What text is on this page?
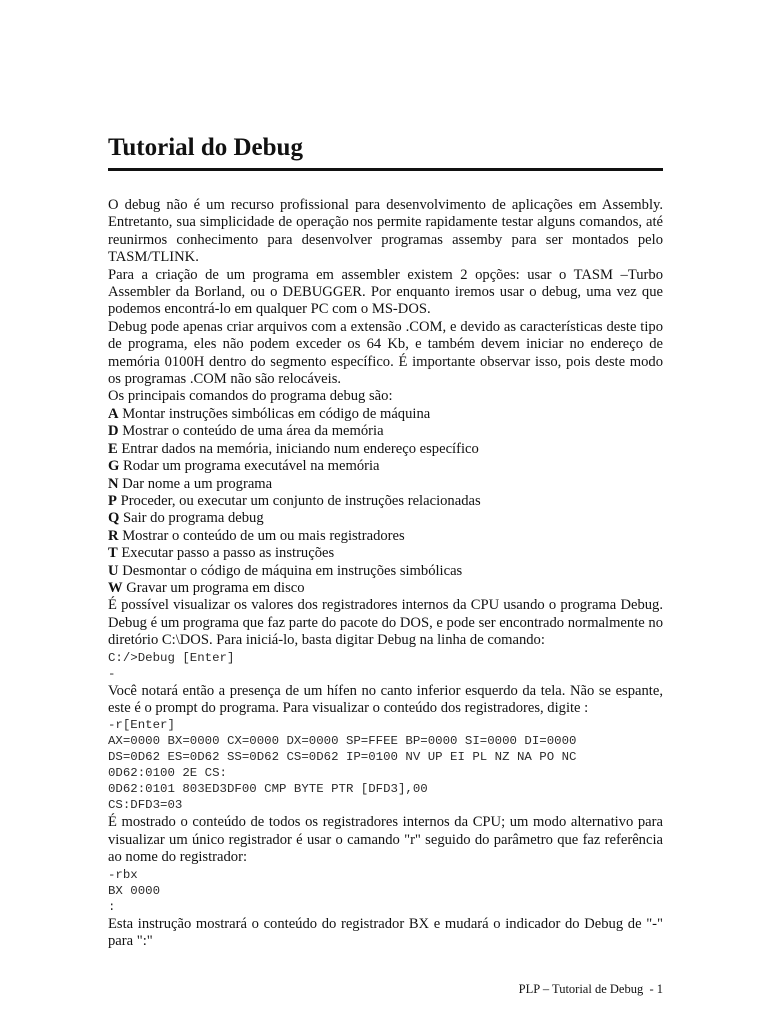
Tutorial do Debug

O debug não é um recurso profissional para desenvolvimento de aplicações em Assembly. Entretanto, sua simplicidade de operação nos permite rapidamente testar alguns comandos, até reunirmos conhecimento para desenvolver programas assemby para ser montados pelo TASM/TLINK.

Para a criação de um programa em assembler existem 2 opções: usar o TASM –Turbo Assembler da Borland, ou o DEBUGGER. Por enquanto iremos usar o debug, uma vez que podemos encontrá-lo em qualquer PC com o MS-DOS.

Debug pode apenas criar arquivos com a extensão .COM, e devido as características deste tipo de programa, eles não podem exceder os 64 Kb, e também devem iniciar no endereço de memória 0100H dentro do segmento específico. É importante observar isso, pois deste modo os programas .COM não são relocáveis.

Os principais comandos do programa debug são:

A Montar instruções simbólicas em código de máquina
D Mostrar o conteúdo de uma área da memória
E Entrar dados na memória, iniciando num endereço específico
G Rodar um programa executável na memória
N Dar nome a um programa
P Proceder, ou executar um conjunto de instruções relacionadas
Q Sair do programa debug
R Mostrar o conteúdo de um ou mais registradores
T Executar passo a passo as instruções
U Desmontar o código de máquina em instruções simbólicas
W Gravar um programa em disco

É possível visualizar os valores dos registradores internos da CPU usando o programa Debug. Debug é um programa que faz parte do pacote do DOS, e pode ser encontrado normalmente no diretório C:\DOS. Para iniciá-lo, basta digitar Debug na linha de comando:

C:/>Debug [Enter]
-

Você notará então a presença de um hífen no canto inferior esquerdo da tela. Não se espante, este é o prompt do programa. Para visualizar o conteúdo dos registradores, digite :

-r[Enter]
AX=0000 BX=0000 CX=0000 DX=0000 SP=FFEE BP=0000 SI=0000 DI=0000
DS=0D62 ES=0D62 SS=0D62 CS=0D62 IP=0100 NV UP EI PL NZ NA PO NC
0D62:0100 2E CS:
0D62:0101 803ED3DF00 CMP BYTE PTR [DFD3],00
CS:DFD3=03

É mostrado o conteúdo de todos os registradores internos da CPU; um modo alternativo para visualizar um único registrador é usar o camando "r" seguido do parâmetro que faz referência ao nome do registrador:

-rbx
BX 0000
:

Esta instrução mostrará o conteúdo do registrador BX e mudará o indicador do Debug de "-" para ":"

PLP – Tutorial de Debug  - 1
